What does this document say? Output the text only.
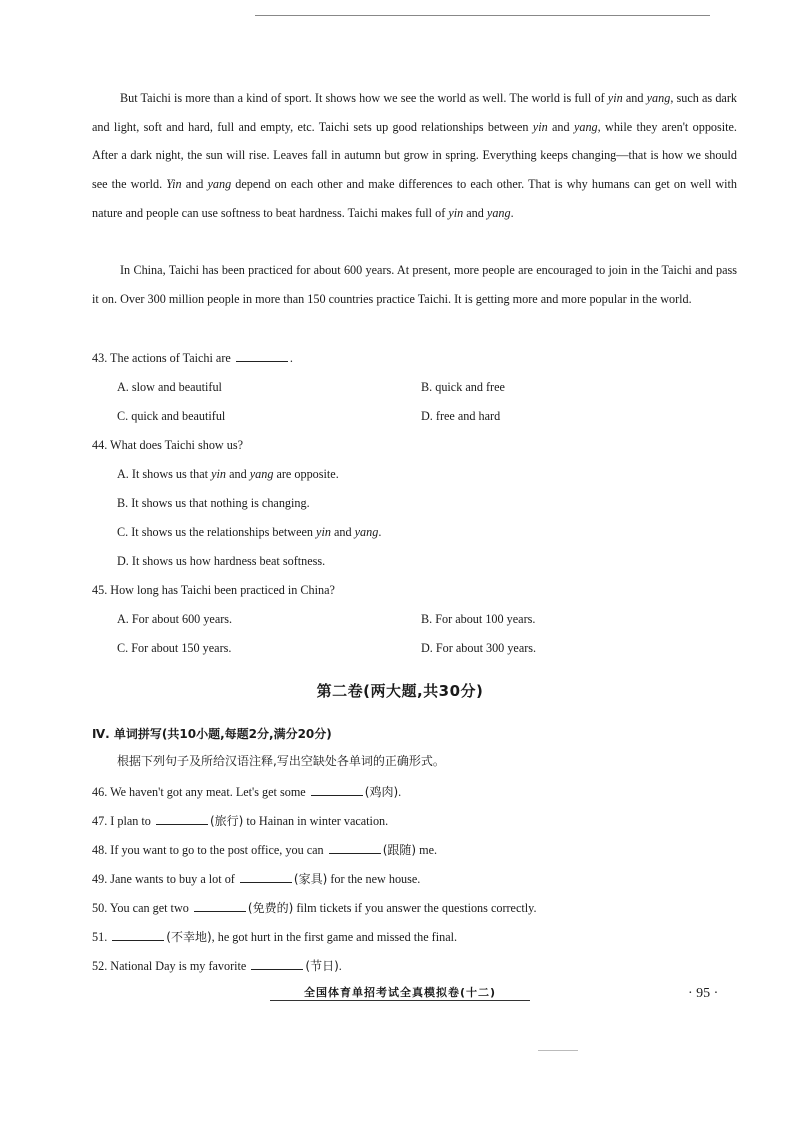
But Taichi is more than a kind of sport. It shows how we see the world as well. The world is full of yin and yang, such as dark and light, soft and hard, full and empty, etc. Taichi sets up good relationships between yin and yang, while they aren't opposite. After a dark night, the sun will rise. Leaves fall in autumn but grow in spring. Everything keeps changing—that is how we should see the world. Yin and yang depend on each other and make differences to each other. That is why humans can get on well with nature and people can use softness to beat hardness. Taichi makes full of yin and yang.

In China, Taichi has been practiced for about 600 years. At present, more people are encouraged to join in the Taichi and pass it on. Over 300 million people in more than 150 countries practice Taichi. It is getting more and more popular in the world.

43. The actions of Taichi are	.
A. slow and beautiful	B. quick and free
C. quick and beautiful	D. free and hard
44. What does Taichi show us?
A. It shows us that yin and yang are opposite.
B. It shows us that nothing is changing.
C. It shows us the relationships between yin and yang.
D. It shows us how hardness beat softness.
45. How long has Taichi been practiced in China?
A. For about 600 years.	B. For about 100 years.
C. For about 150 years.	D. For about 300 years.
第二卷(两大题,共30分)
Ⅳ. 单词拼写(共10小题,每题2分,满分20分)
根据下列句子及所给汉语注释,写出空缺处各单词的正确形式。
46. We haven't got any meat. Let's get some	(鸡肉).
47. I plan to	(旅行) to Hainan in winter vacation.
48. If you want to go to the post office, you can	(跟随) me.
49. Jane wants to buy a lot of	(家具) for the new house.
50. You can get two	(免费的) film tickets if you answer the questions correctly.
51.	(不幸地), he got hurt in the first game and missed the final.
52. National Day is my favorite	(节日).
全国体育单招考试全真模拟卷(十二)	· 95 ·
